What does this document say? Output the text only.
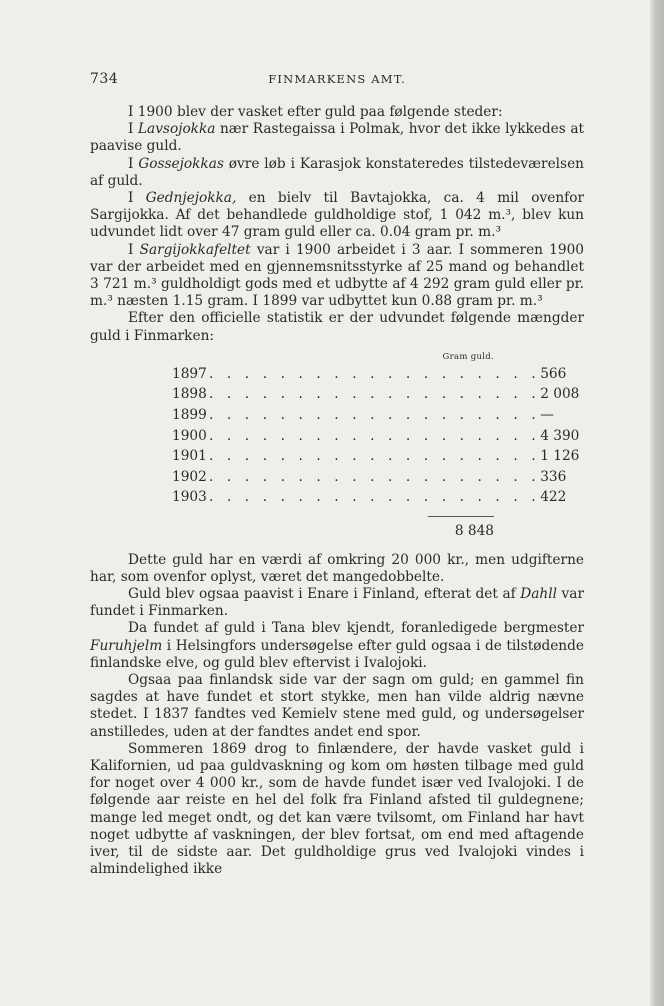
734	FINMARKENS AMT.

I 1900 blev der vasket efter guld paa følgende steder:

I Lavsojokka nær Rastegaissa i Polmak, hvor det ikke lykkedes at paavise guld.

I Gossejokkas øvre løb i Karasjok konstateredes tilstedeværelsen af guld.

I Gednjejokka, en bielv til Bavtajokka, ca. 4 mil ovenfor Sargijokka. Af det behandlede guldholdige stof, 1 042 m.³, blev kun udvundet lidt over 47 gram guld eller ca. 0.04 gram pr. m.³

I Sargijokkafeltet var i 1900 arbeidet i 3 aar. I sommeren 1900 var der arbeidet med en gjennemsnitsstyrke af 25 mand og behandlet 3 721 m.³ guldholdigt gods med et udbytte af 4 292 gram guld eller pr. m.³ næsten 1.15 gram. I 1899 var udbyttet kun 0.88 gram pr. m.³

Efter den officielle statistik er der udvundet følgende mængder guld i Finmarken:

Gram guld.
1897 . . . . . . . . . . . . . . . . . . . 566
1898 . . . . . . . . . . . . . . . . . . . 2 008
1899 . . . . . . . . . . . . . . . . . . . —
1900 . . . . . . . . . . . . . . . . . . . 4 390
1901 . . . . . . . . . . . . . . . . . . . 1 126
1902 . . . . . . . . . . . . . . . . . . . 336
1903 . . . . . . . . . . . . . . . . . . . 422
8 848

Dette guld har en værdi af omkring 20 000 kr., men udgifterne har, som ovenfor oplyst, været det mangedobbelte.

Guld blev ogsaa paavist i Enare i Finland, efterat det af Dahll var fundet i Finmarken.

Da fundet af guld i Tana blev kjendt, foranledigede bergmester Furuhjelm i Helsingfors undersøgelse efter guld ogsaa i de tilstødende finlandske elve, og guld blev eftervist i Ivalojoki.

Ogsaa paa finlandsk side var der sagn om guld; en gammel fin sagdes at have fundet et stort stykke, men han vilde aldrig nævne stedet. I 1837 fandtes ved Kemielv stene med guld, og undersøgelser anstilledes, uden at der fandtes andet end spor.

Sommeren 1869 drog to finlændere, der havde vasket guld i Kalifornien, ud paa guldvaskning og kom om høsten tilbage med guld for noget over 4 000 kr., som de havde fundet især ved Ivalojoki. I de følgende aar reiste en hel del folk fra Finland afsted til guldegnene; mange led meget ondt, og det kan være tvilsomt, om Finland har havt noget udbytte af vaskningen, der blev fortsat, om end med aftagende iver, til de sidste aar. Det guldholdige grus ved Ivalojoki vindes i almindelighed ikke
